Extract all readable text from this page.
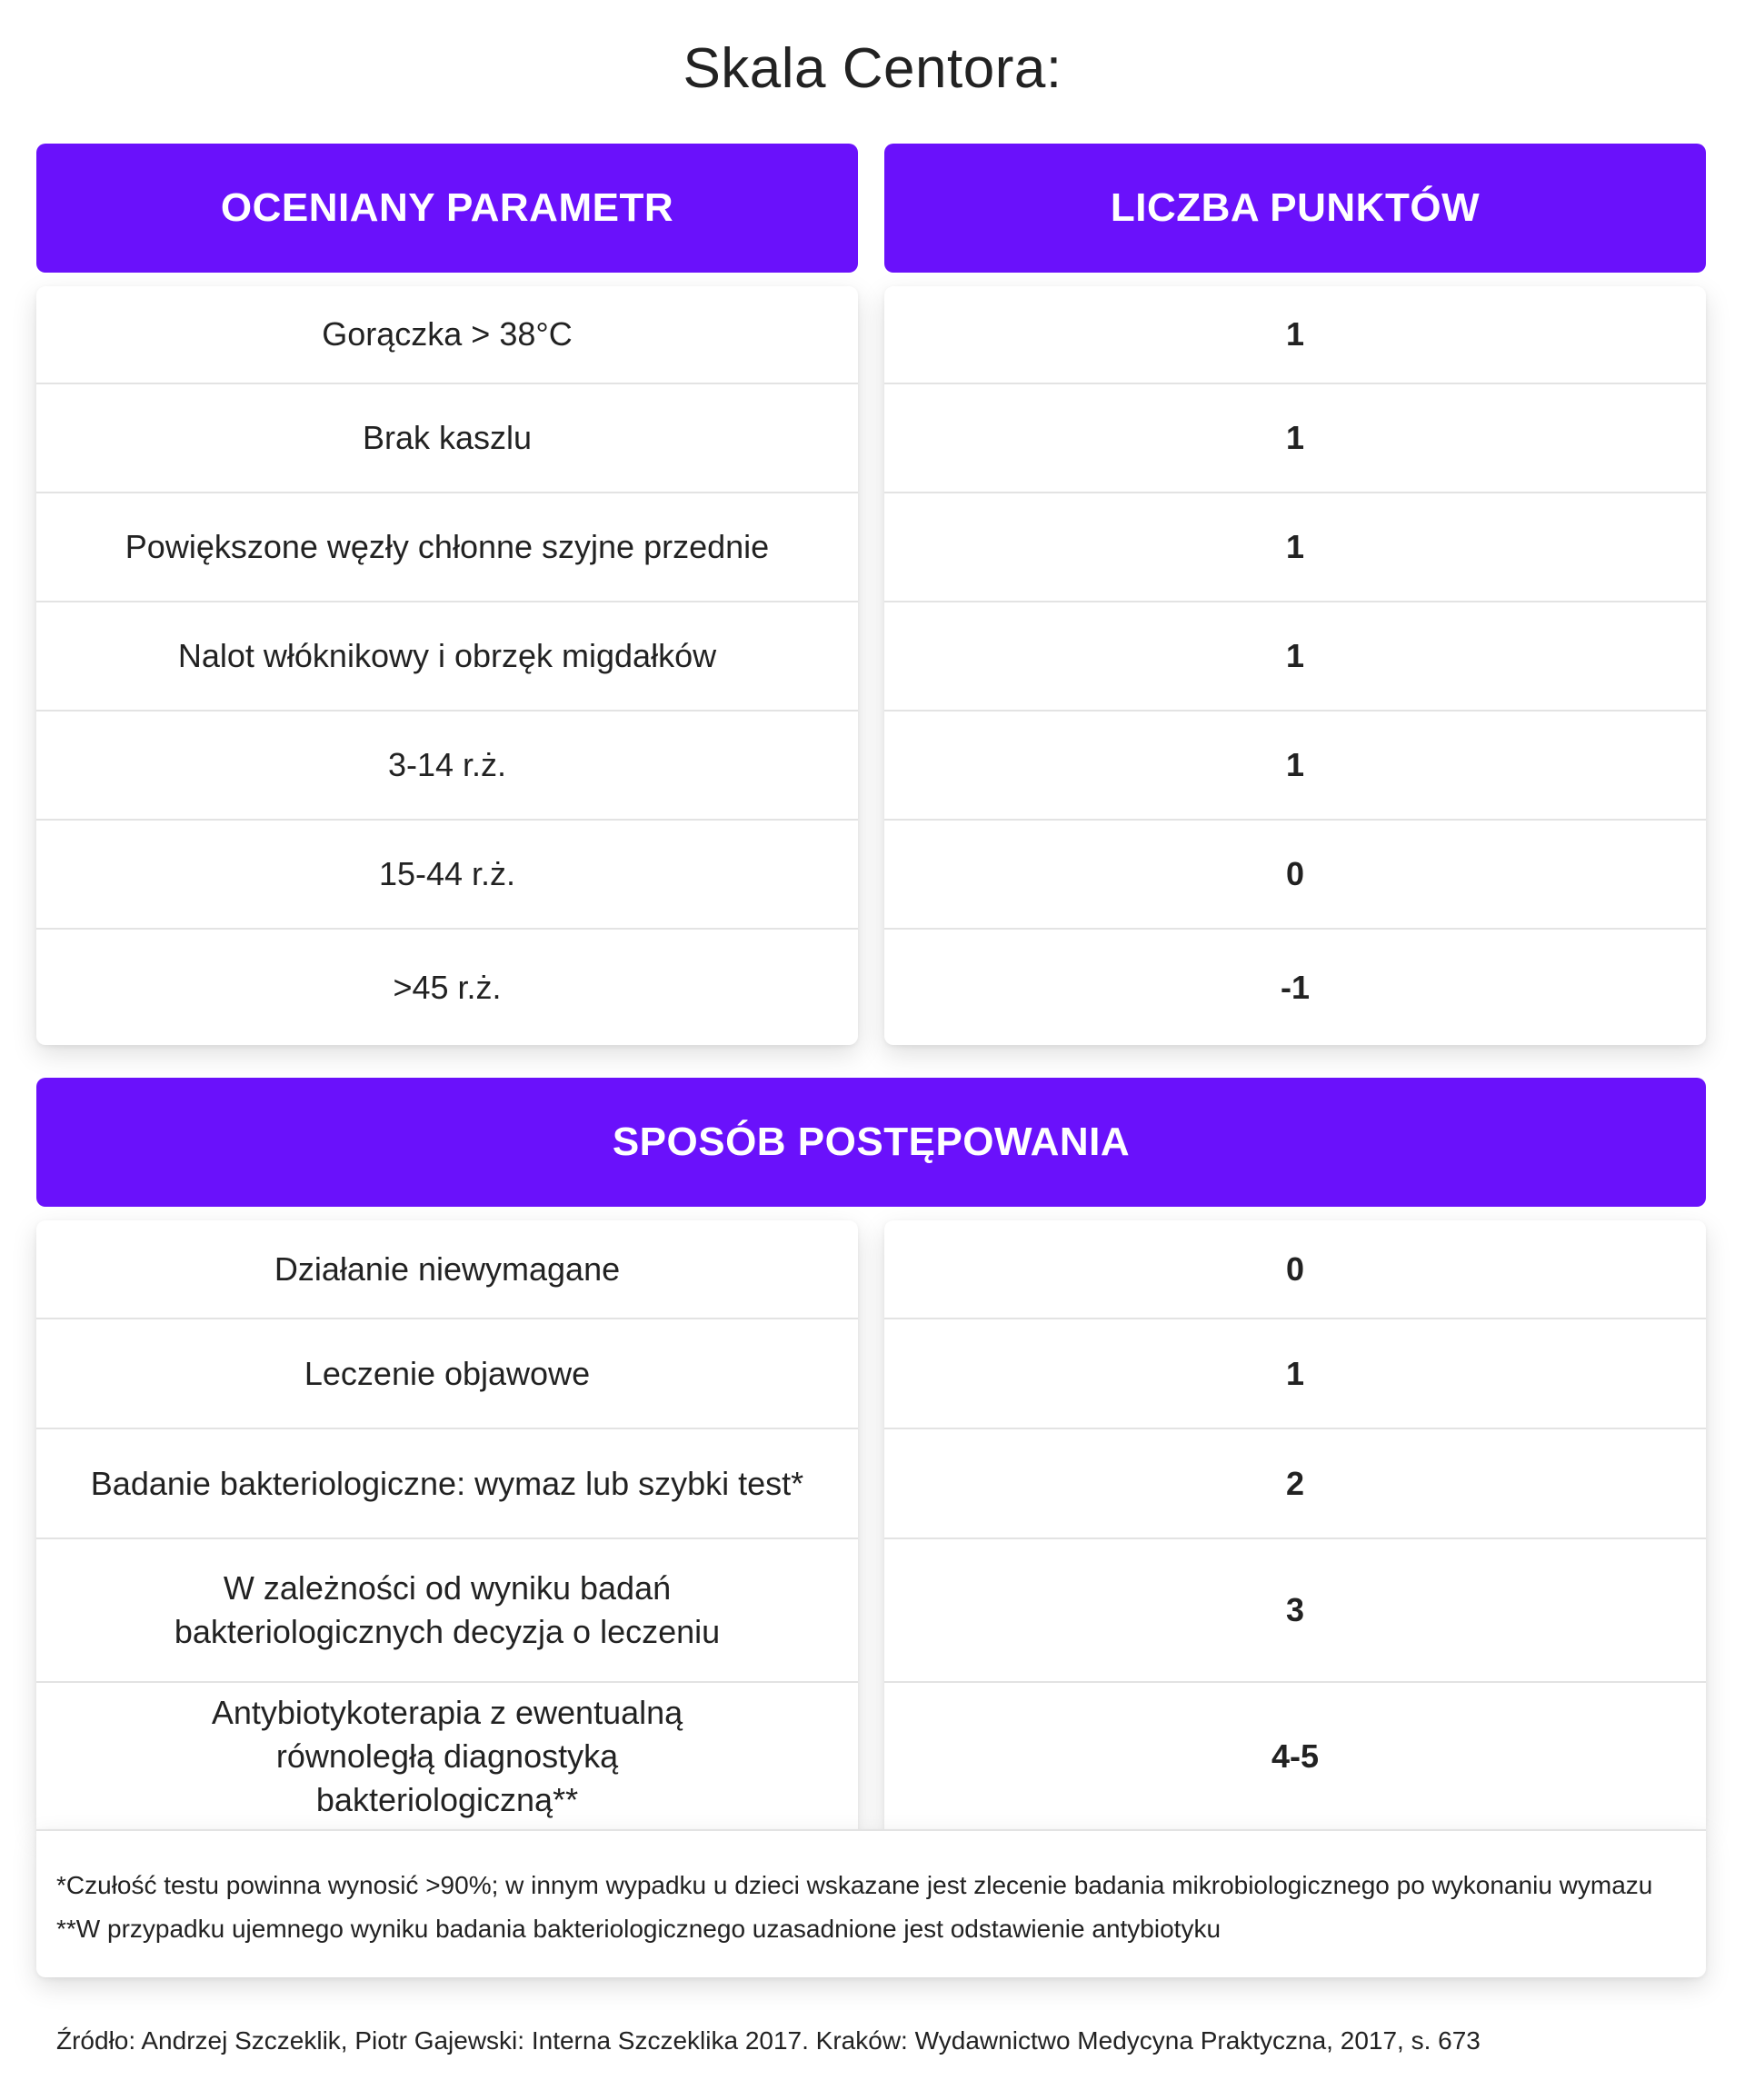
Skala Centora:
OCENIANY PARAMETR	LICZBA PUNKTÓW
Gorączka > 38°C
Brak kaszlu
Powiększone węzły chłonne szyjne przednie
Nalot włóknikowy i obrzęk migdałków
3-14 r.ż.
15-44 r.ż.
>45 r.ż.
1
1
1
1
1
0
-1
SPOSÓB POSTĘPOWANIA
Działanie niewymagane
Leczenie objawowe
Badanie bakteriologiczne: wymaz lub szybki test*
W zależności od wyniku badań bakteriologicznych decyzja o leczeniu
Antybiotykoterapia z ewentualną równoległą diagnostyką bakteriologiczną**
0
1
2
3
4-5
*Czułość testu powinna wynosić >90%; w innym wypadku u dzieci wskazane jest zlecenie badania mikrobiologicznego po wykonaniu wymazu
**W przypadku ujemnego wyniku badania bakteriologicznego uzasadnione jest odstawienie antybiotyku
Źródło: Andrzej Szczeklik, Piotr Gajewski: Interna Szczeklika 2017. Kraków: Wydawnictwo Medycyna Praktyczna, 2017, s. 673
